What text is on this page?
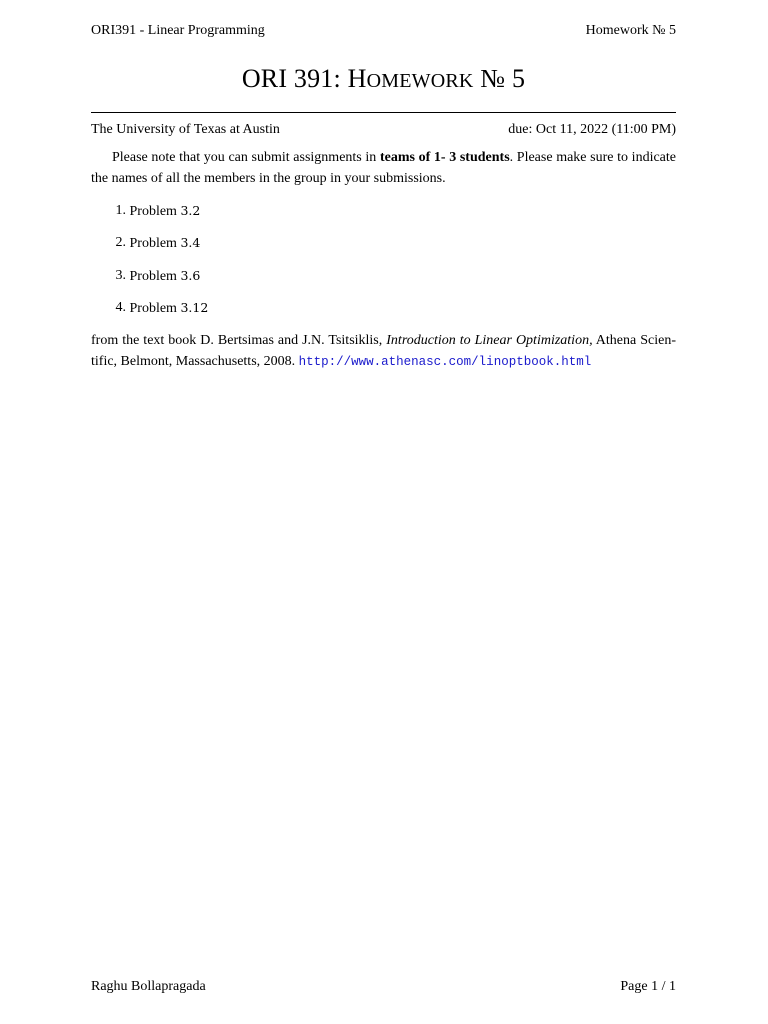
ORI391 - Linear Programming	Homework № 5
ORI 391: HOMEWORK № 5
The University of Texas at Austin	due: Oct 11, 2022 (11:00 PM)

Please note that you can submit assignments in teams of 1- 3 students. Please make sure to indicate the names of all the members in the group in your submissions.

1. Problem 3.2
2. Problem 3.4
3. Problem 3.6
4. Problem 3.12

from the text book D. Bertsimas and J.N. Tsitsiklis, Introduction to Linear Optimization, Athena Scientific, Belmont, Massachusetts, 2008. http://www.athenasc.com/linoptbook.html

Raghu Bollapragada	Page 1 / 1
